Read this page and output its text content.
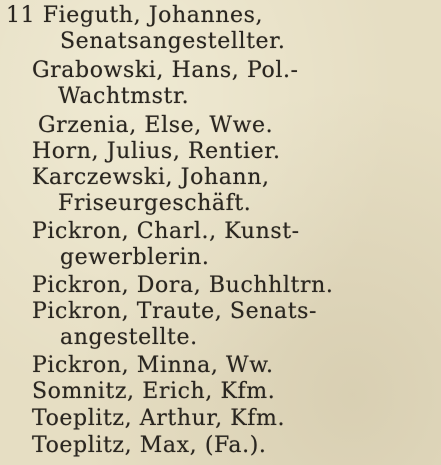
11 Fieguth, Johannes,
Senatsangestellter.
Grabowski, Hans, Pol.-
Wachtmstr.
Grzenia, Else, Wwe.
Horn, Julius, Rentier.
Karczewski, Johann,
Friseurgeschäft.
Pickron, Charl., Kunst-
gewerblerin.
Pickron, Dora, Buchhltrn.
Pickron, Traute, Senats-
angestellte.
Pickron, Minna, Ww.
Somnitz, Erich, Kfm.
Toeplitz, Arthur, Kfm.
Toeplitz, Max, (Fa.).
